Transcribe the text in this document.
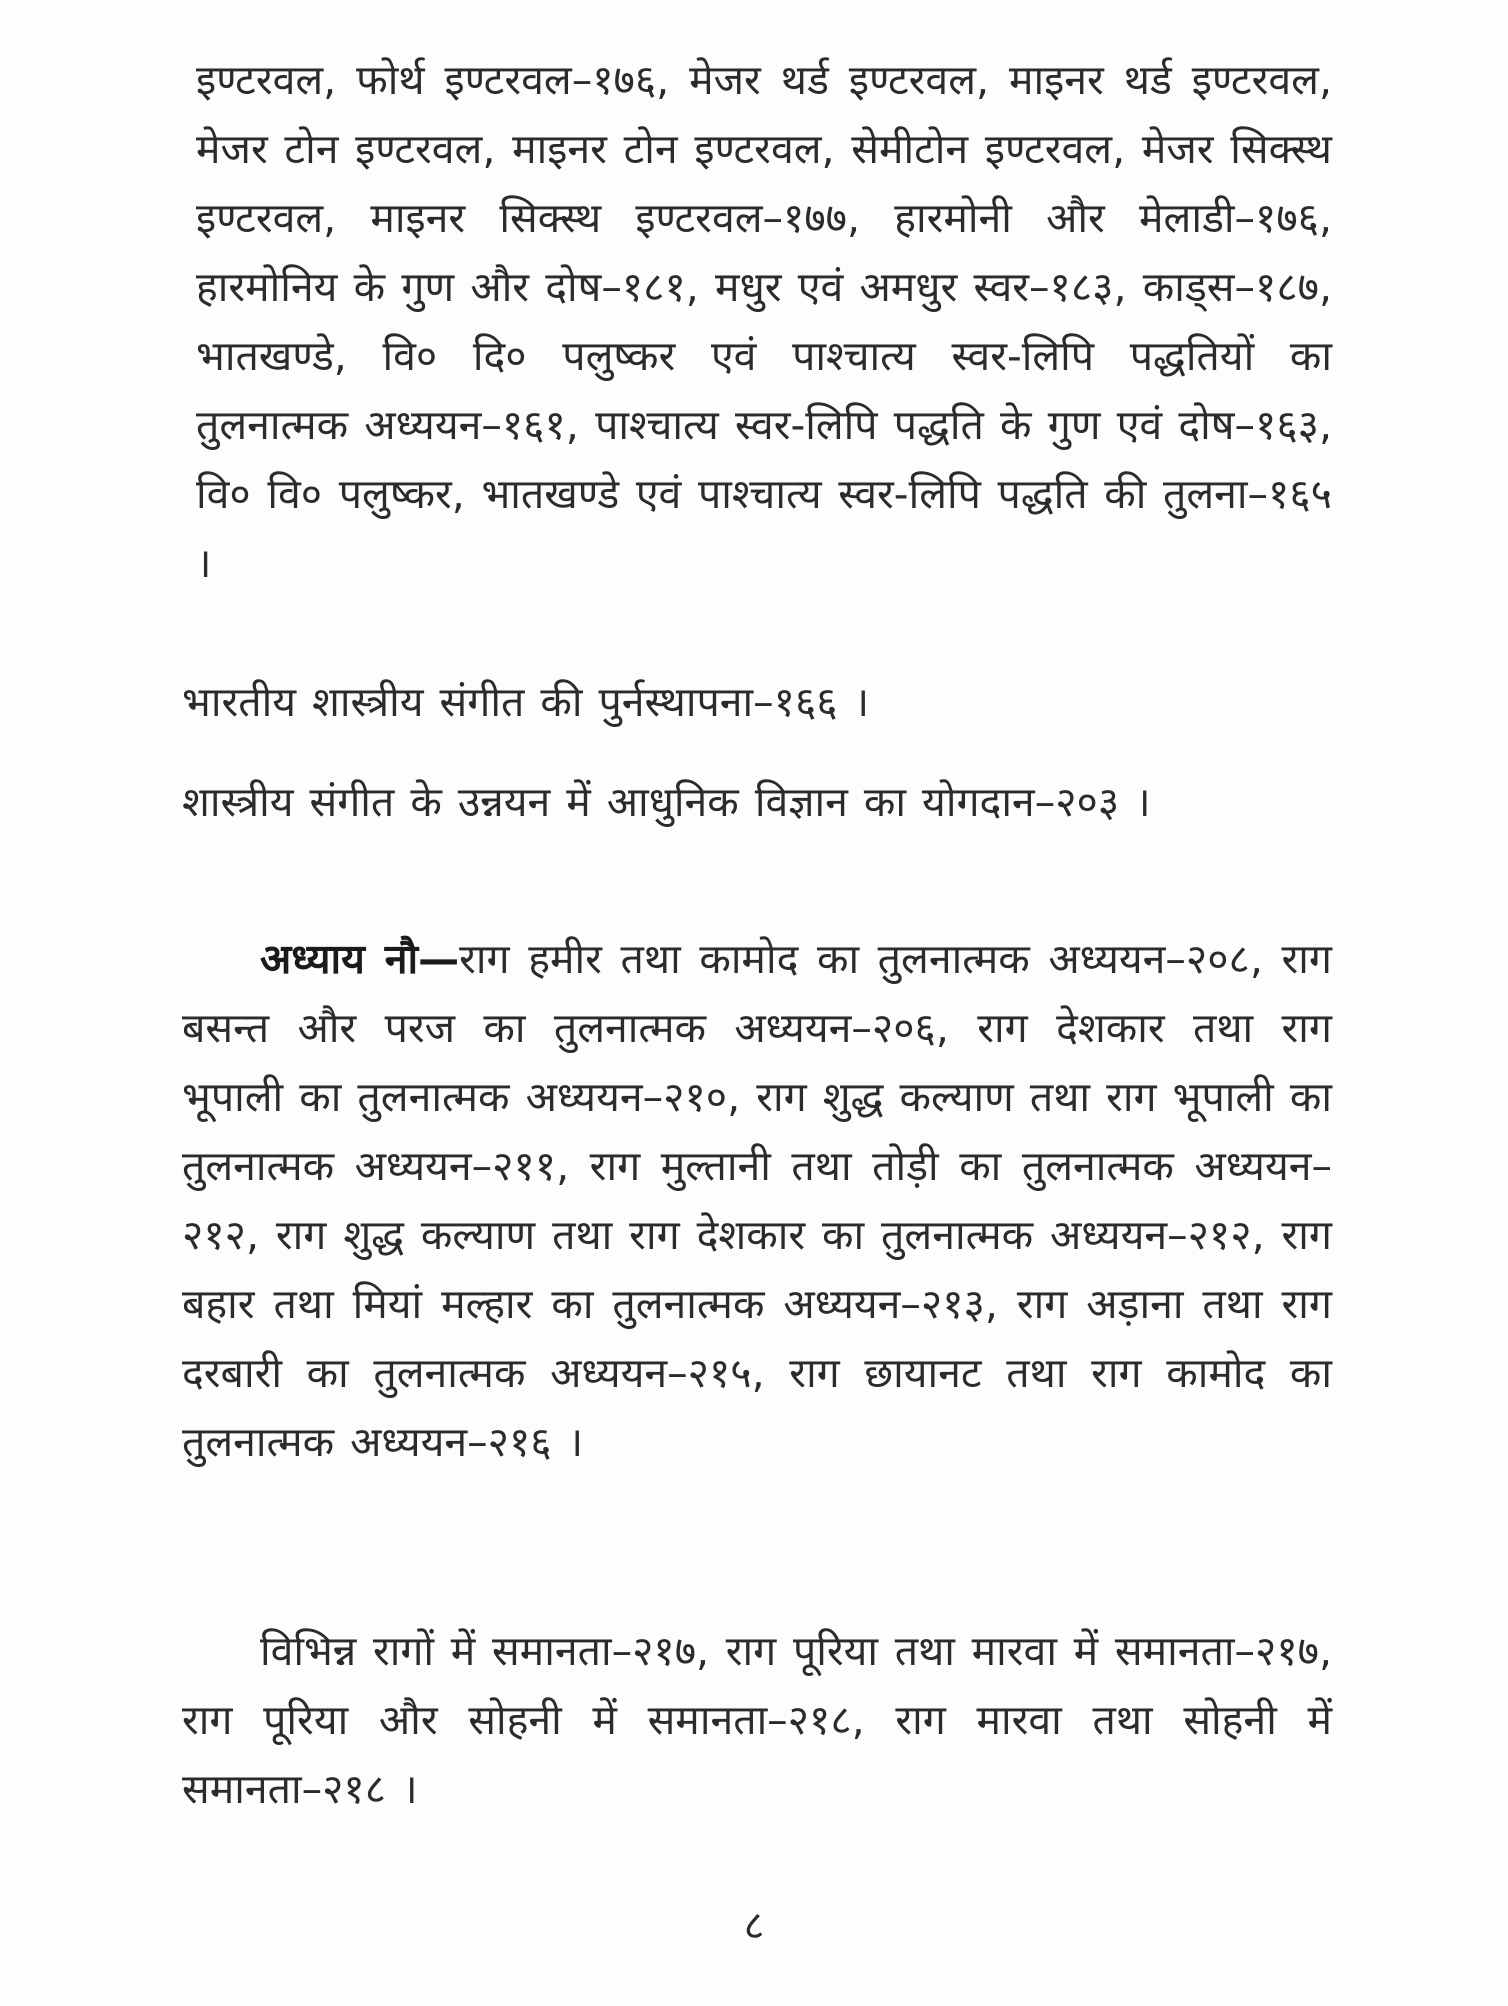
इण्टरवल, फोर्थ इण्टरवल–१७६, मेजर थर्ड इण्टरवल, माइनर थर्ड इण्टरवल, मेजर टोन इण्टरवल, माइनर टोन इण्टरवल, सेमीटोन इण्टरवल, मेजर सिक्स्थ इण्टरवल, माइनर सिक्स्थ इण्टरवल–१७७, हारमोनी और मेलाडी–१७६, हारमोनिय के गुण और दोष–१८१, मधुर एवं अमधुर स्वर–१८३, काड्‌स–१८७, भातखण्डे, वि० दि० पलुष्कर एवं पाश्चात्य स्वर-लिपि पद्धतियों का तुलनात्मक अध्ययन–१६१, पाश्चात्य स्वर-लिपि पद्धति के गुण एवं दोष–१६३, वि० वि० पलुष्कर, भातखण्डे एवं पाश्चात्य स्वर-लिपि पद्धति की तुलना–१६५ ।

भारतीय शास्त्रीय संगीत की पुर्नस्थापना–१६६ ।

शास्त्रीय संगीत के उन्नयन में आधुनिक विज्ञान का योगदान–२०३ ।

अध्याय नौ—राग हमीर तथा कामोद का तुलनात्मक अध्ययन–२०८, राग बसन्त और परज का तुलनात्मक अध्ययन–२०६, राग देशकार तथा राग भूपाली का तुलनात्मक अध्ययन–२१०, राग शुद्ध कल्याण तथा राग भूपाली का तुलनात्मक अध्ययन–२११, राग मुल्तानी तथा तोड़ी का तुलनात्मक अध्ययन–२१२, राग शुद्ध कल्याण तथा राग देशकार का तुलनात्मक अध्ययन–२१२, राग बहार तथा मियां मल्हार का तुलनात्मक अध्ययन–२१३, राग अड़ाना तथा राग दरबारी का तुलनात्मक अध्ययन–२१५, राग छायानट तथा राग कामोद का तुलनात्मक अध्ययन–२१६ ।

विभिन्न रागों में समानता–२१७, राग पूरिया तथा मारवा में समानता–२१७, राग पूरिया और सोहनी में समानता–२१८, राग मारवा तथा सोहनी में समानता–२१८ ।

८
